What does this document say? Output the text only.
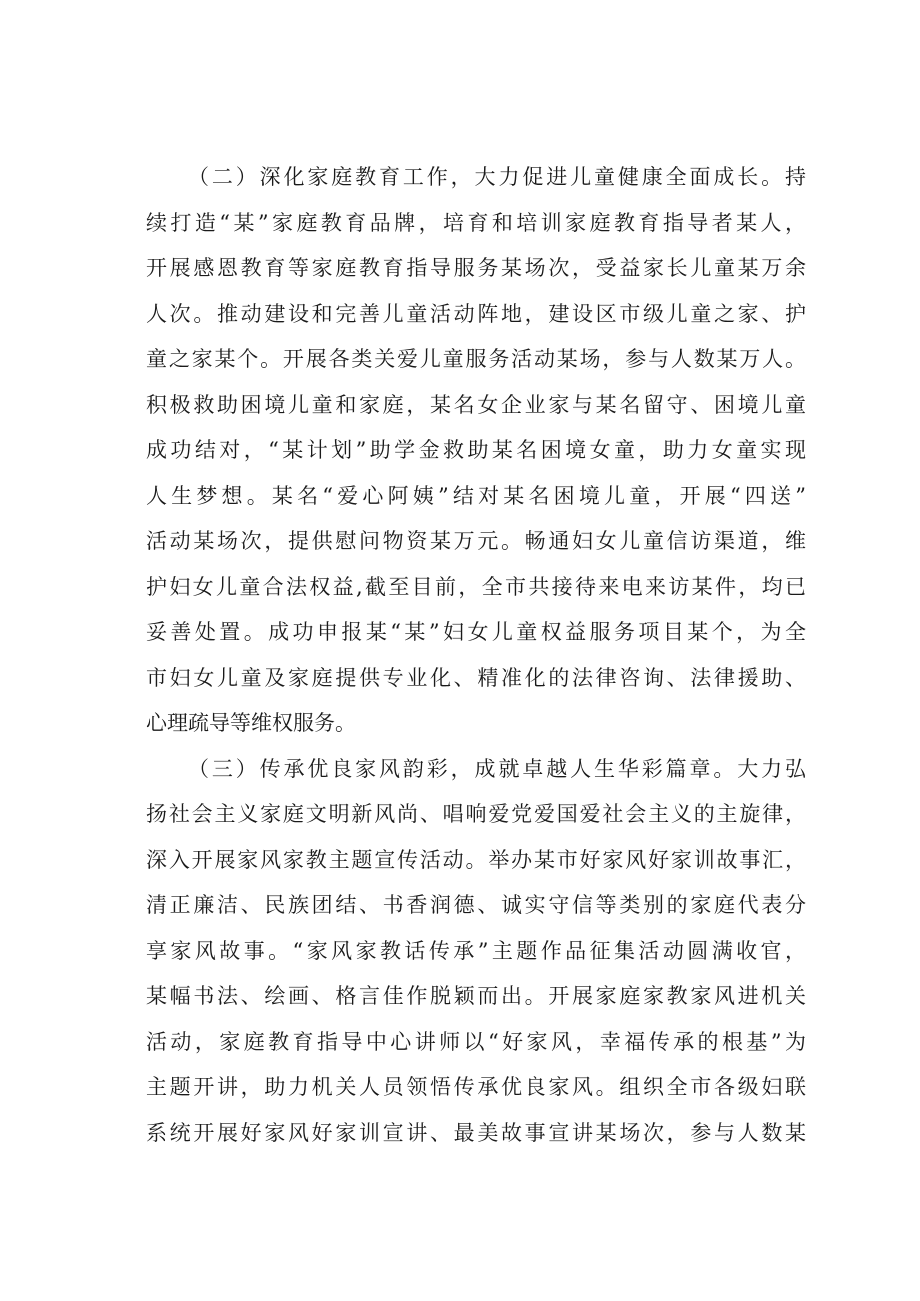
（二）深化家庭教育工作，大力促进儿童健康全面成长。持
续打造“某”家庭教育品牌，培育和培训家庭教育指导者某人，
开展感恩教育等家庭教育指导服务某场次，受益家长儿童某万余
人次。推动建设和完善儿童活动阵地，建设区市级儿童之家、护
童之家某个。开展各类关爱儿童服务活动某场，参与人数某万人。
积极救助困境儿童和家庭，某名女企业家与某名留守、困境儿童
成功结对，“某计划”助学金救助某名困境女童，助力女童实现
人生梦想。某名“爱心阿姨”结对某名困境儿童，开展“四送”
活动某场次，提供慰问物资某万元。畅通妇女儿童信访渠道，维
护妇女儿童合法权益,截至目前，全市共接待来电来访某件，均已
妥善处置。成功申报某“某”妇女儿童权益服务项目某个，为全
市妇女儿童及家庭提供专业化、精准化的法律咨询、法律援助、
心理疏导等维权服务。
（三）传承优良家风韵彩，成就卓越人生华彩篇章。大力弘
扬社会主义家庭文明新风尚、唱响爱党爱国爱社会主义的主旋律，
深入开展家风家教主题宣传活动。举办某市好家风好家训故事汇，
清正廉洁、民族团结、书香润德、诚实守信等类别的家庭代表分
享家风故事。“家风家教话传承”主题作品征集活动圆满收官，
某幅书法、绘画、格言佳作脱颖而出。开展家庭家教家风进机关
活动，家庭教育指导中心讲师以“好家风，幸福传承的根基”为
主题开讲，助力机关人员领悟传承优良家风。组织全市各级妇联
系统开展好家风好家训宣讲、最美故事宣讲某场次，参与人数某
